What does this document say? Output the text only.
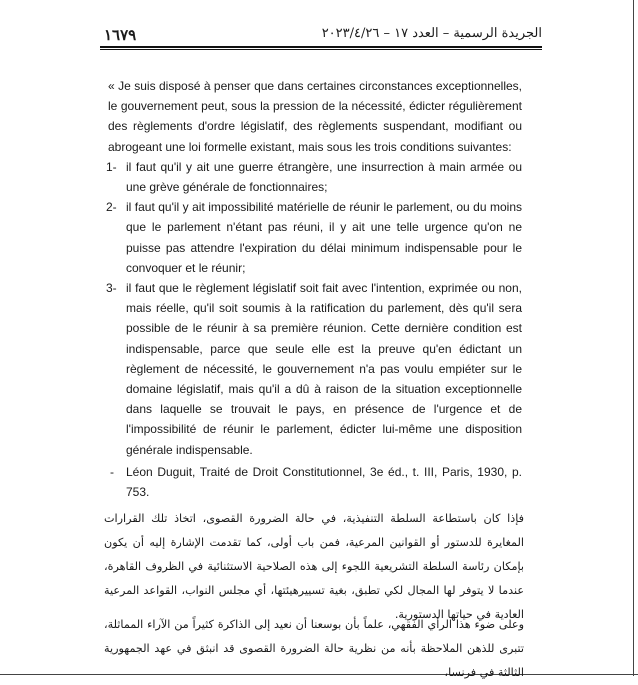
١٦٧٩	الجريدة الرسمية – العدد ١٧ – ٢٠٢٣/٤/٢٦

« Je suis disposé à penser que dans certaines circonstances exceptionnelles, le gouvernement peut, sous la pression de la nécessité, édicter régulièrement des règlements d'ordre législatif, des règlements suspendant, modifiant ou abrogeant une loi formelle existant, mais sous les trois conditions suivantes:

1- il faut qu'il y ait une guerre étrangère, une insurrection à main armée ou une grève générale de fonctionnaires;

2- il faut qu'il y ait impossibilité matérielle de réunir le parlement, ou du moins que le parlement n'étant pas réuni, il y ait une telle urgence qu'on ne puisse pas attendre l'expiration du délai minimum indispensable pour le convoquer et le réunir;

3- il faut que le règlement législatif soit fait avec l'intention, exprimée ou non, mais réelle, qu'il soit soumis à la ratification du parlement, dès qu'il sera possible de le réunir à sa première réunion. Cette dernière condition est indispensable, parce que seule elle est la preuve qu'en édictant un règlement de nécessité, le gouvernement n'a pas voulu empiéter sur le domaine législatif, mais qu'il a dû à raison de la situation exceptionnelle dans laquelle se trouvait le pays, en présence de l'urgence et de l'impossibilité de réunir le parlement, édicter lui-même une disposition générale indispensable.

- Léon Duguit, Traité de Droit Constitutionnel, 3e éd., t. III, Paris, 1930, p. 753.

فإذا كان باستطاعة السلطة التنفيذية، في حالة الضرورة القصوى، اتخاذ تلك القرارات المغايرة للدستور أو القوانين المرعية، فمن باب أولى، كما تقدمت الإشارة إليه أن يكون بإمكان رئاسة السلطة التشريعية اللجوء إلى هذه الصلاحية الاستثنائية في الظروف القاهرة، عندما لا يتوفر لها المجال لكي تطبق، بغية تسييرهيئتها، أي مجلس النواب، القواعد المرعية العادية في حياتها الدستورية.

وعلى ضوء هذا الرأي الفقهي، علماً بأن بوسعنا أن نعيد إلى الذاكرة كثيراً من الآراء المماثلة، تتبرى للذهن الملاحظة بأنه من نظرية حالة الضرورة القصوى قد انبثق في عهد الجمهورية الثالثة في فرنسا،
